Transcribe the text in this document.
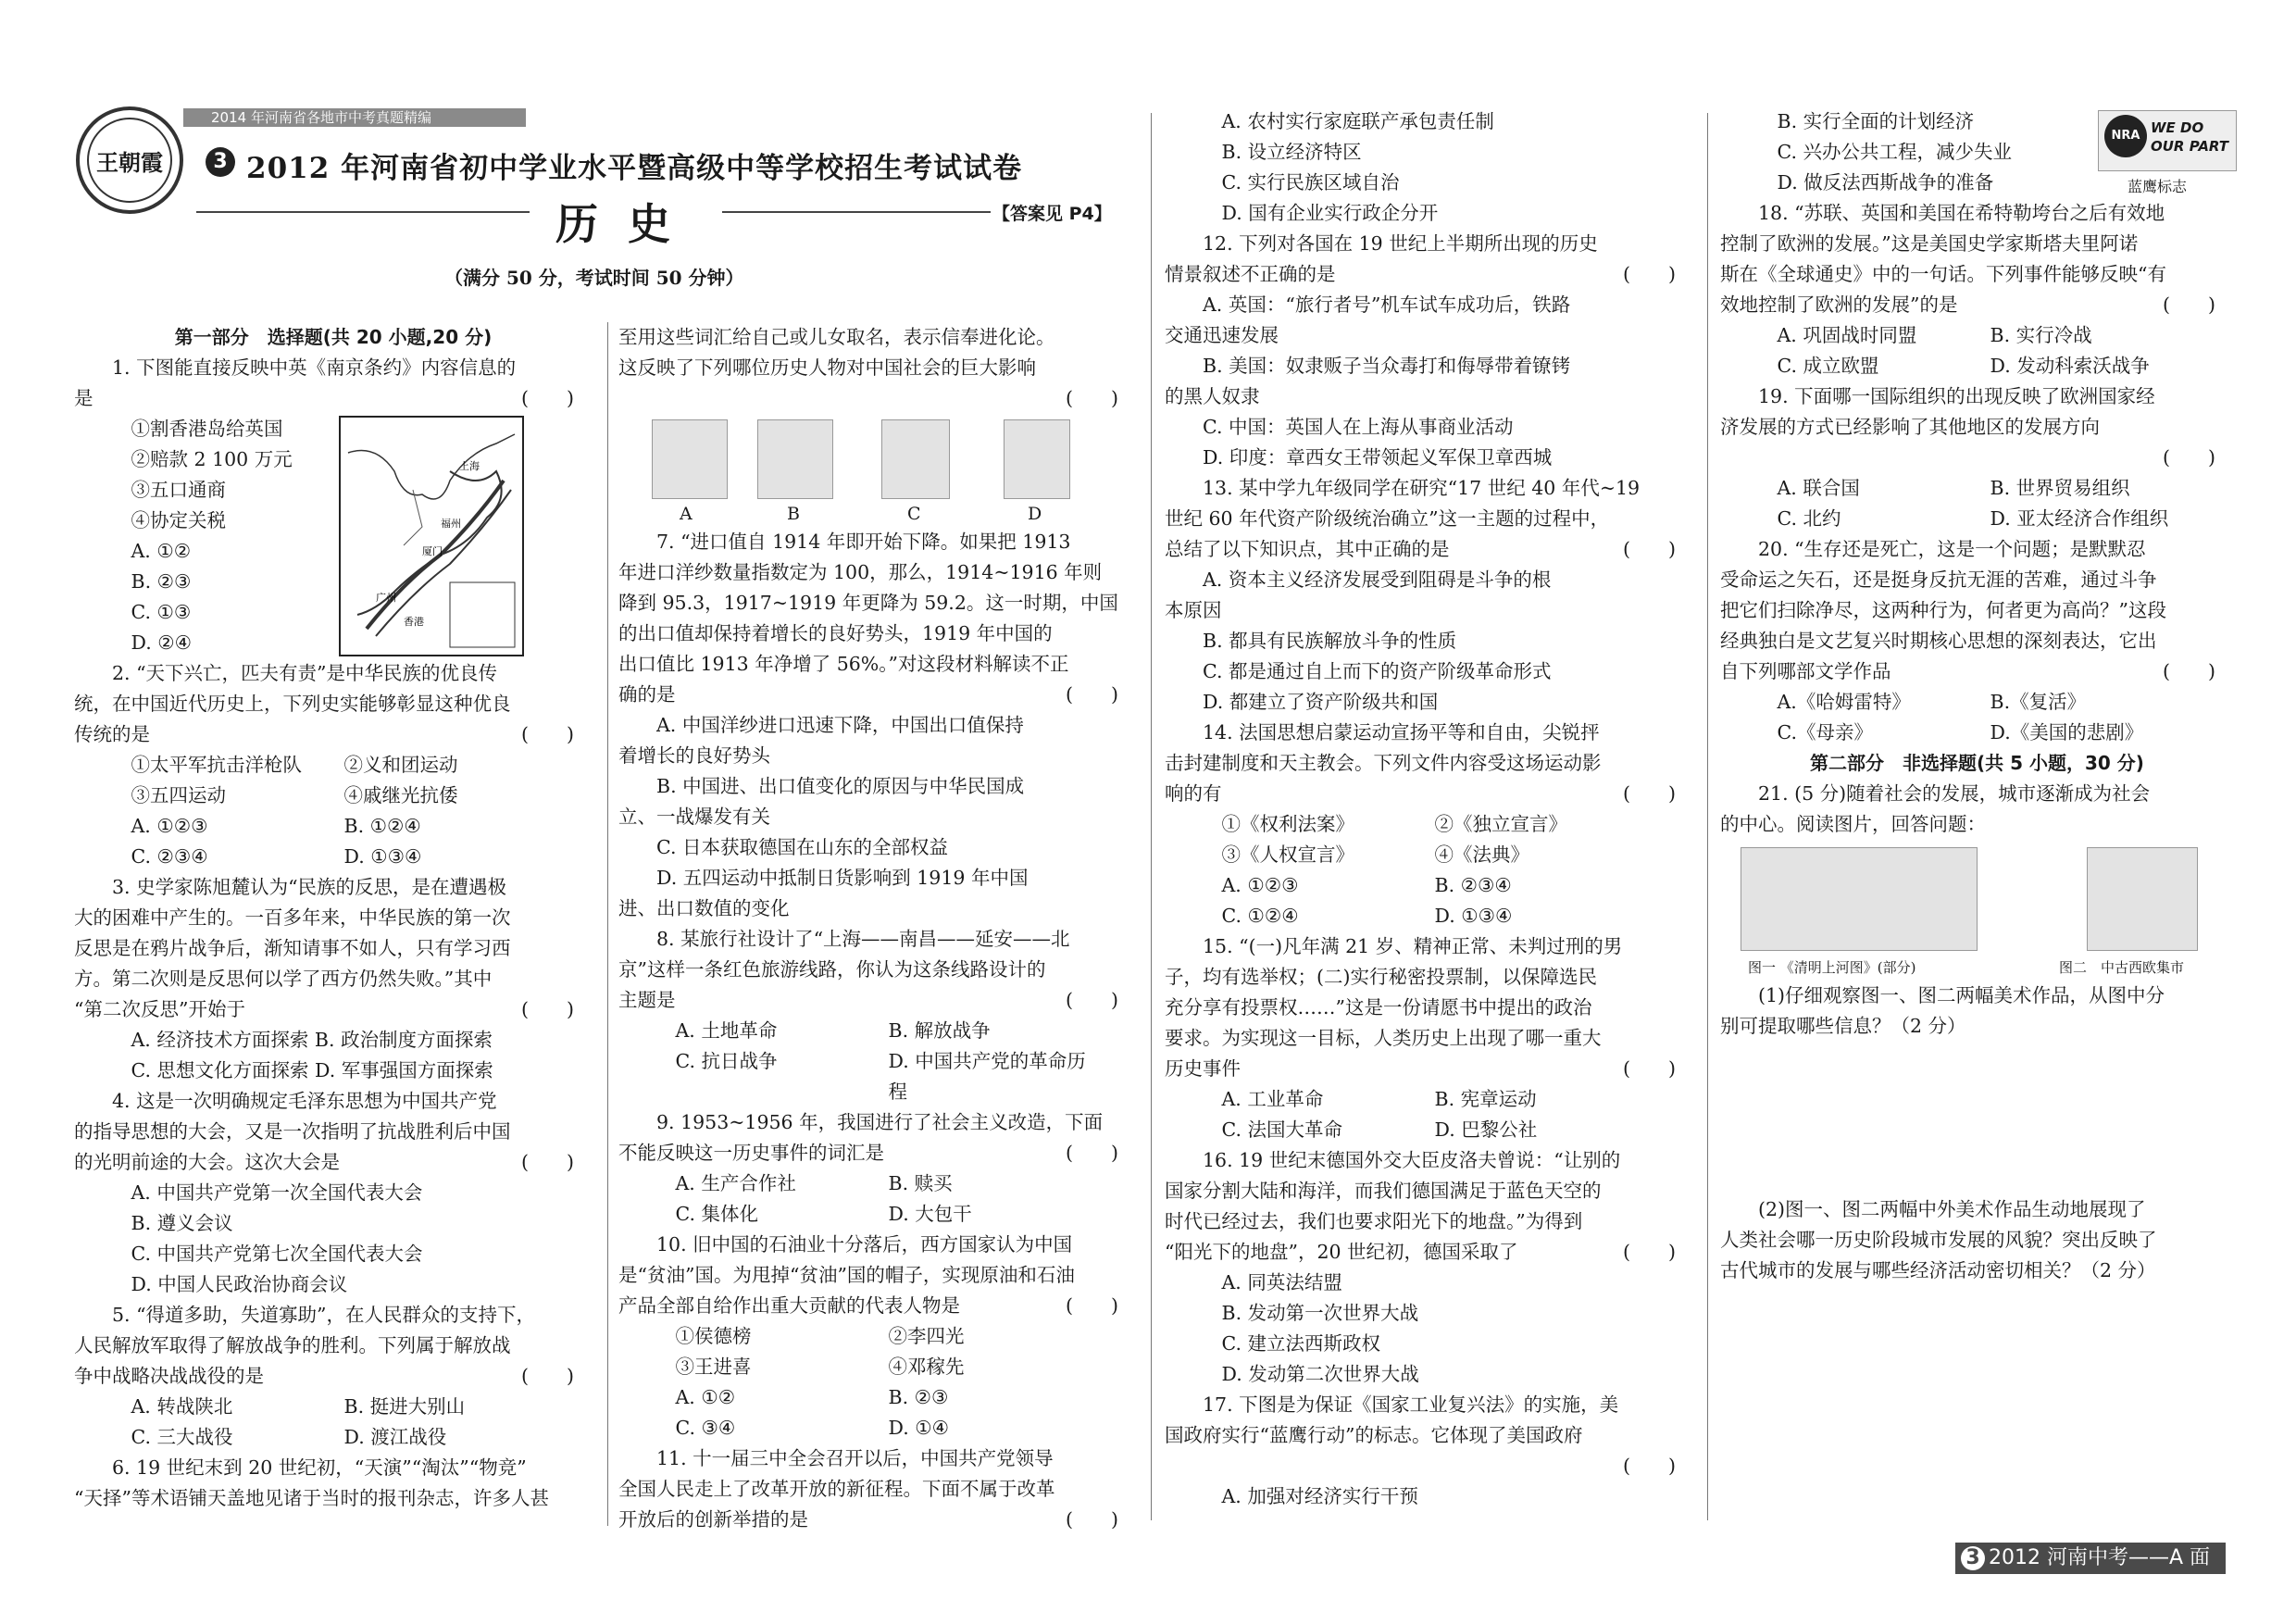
2014 年河南省各地市中考真题精编
王朝霞	3 2012 年河南省初中学业水平暨高级中等学校招生考试试卷
历  史	【答案见 P4】
（满分 50 分，考试时间 50 分钟）

第一部分　选择题(共 20 小题,20 分)

1. 下图能直接反映中英《南京条约》内容信息的

是	(　　)

①割香港岛给英国

②赔款 2 100 万元

③五口通商

④协定关税

A. ①②

B. ②③

C. ①③

D. ②④

上海
广州
福州
香港
厦门

2. “天下兴亡，匹夫有责”是中华民族的优良传

统，在中国近代历史上，下列史实能够彰显这种优良

传统的是	(　　)

①太平军抗击洋枪队	②义和团运动
③五四运动	④戚继光抗倭
A. ①②③	B. ①②④
C. ②③④	D. ①③④

3. 史学家陈旭麓认为“民族的反思，是在遭遇极

大的困难中产生的。一百多年来，中华民族的第一次

反思是在鸦片战争后，渐知请事不如人，只有学习西

方。第二次则是反思何以学了西方仍然失败。”其中

“第二次反思”开始于	(　　)

A. 经济技术方面探索 B. 政治制度方面探索

C. 思想文化方面探索 D. 军事强国方面探索

4. 这是一次明确规定毛泽东思想为中国共产党

的指导思想的大会，又是一次指明了抗战胜利后中国

的光明前途的大会。这次大会是	(　　)

A. 中国共产党第一次全国代表大会

B. 遵义会议

C. 中国共产党第七次全国代表大会

D. 中国人民政治协商会议

5. “得道多助，失道寡助”，在人民群众的支持下，

人民解放军取得了解放战争的胜利。下列属于解放战

争中战略决战战役的是	(　　)

A. 转战陕北	B. 挺进大别山
C. 三大战役	D. 渡江战役

6. 19 世纪末到 20 世纪初，“天演”“淘汰”“物竞”

“天择”等术语铺天盖地见诸于当时的报刊杂志，许多人甚

至用这些词汇给自己或儿女取名，表示信奉进化论。

这反映了下列哪位历史人物对中国社会的巨大影响

(　　)

A	B	C	D

7. “进口值自 1914 年即开始下降。如果把 1913

年进口洋纱数量指数定为 100，那么，1914~1916 年则

降到 95.3，1917~1919 年更降为 59.2。这一时期，中国

的出口值却保持着增长的良好势头，1919 年中国的

出口值比 1913 年净增了 56%。”对这段材料解读不正

确的是	(　　)

A. 中国洋纱进口迅速下降，中国出口值保持

着增长的良好势头

B. 中国进、出口值变化的原因与中华民国成

立、一战爆发有关

C. 日本获取德国在山东的全部权益

D. 五四运动中抵制日货影响到 1919 年中国

进、出口数值的变化

8. 某旅行社设计了“上海——南昌——延安——北

京”这样一条红色旅游线路，你认为这条线路设计的

主题是	(　　)

A. 土地革命	B. 解放战争
C. 抗日战争	D. 中国共产党的革命历程

9. 1953~1956 年，我国进行了社会主义改造，下面

不能反映这一历史事件的词汇是	(　　)

A. 生产合作社	B. 赎买
C. 集体化	D. 大包干

10. 旧中国的石油业十分落后，西方国家认为中国

是“贫油”国。为甩掉“贫油”国的帽子，实现原油和石油

产品全部自给作出重大贡献的代表人物是	(　　)

①侯德榜	②李四光
③王进喜	④邓稼先
A. ①②	B. ②③
C. ③④	D. ①④

11. 十一届三中全会召开以后，中国共产党领导

全国人民走上了改革开放的新征程。下面不属于改革

开放后的创新举措的是	(　　)

A. 农村实行家庭联产承包责任制

B. 设立经济特区

C. 实行民族区域自治

D. 国有企业实行政企分开

12. 下列对各国在 19 世纪上半期所出现的历史

情景叙述不正确的是	(　　)

A. 英国：“旅行者号”机车试车成功后，铁路

交通迅速发展

B. 美国：奴隶贩子当众毒打和侮辱带着镣铐

的黑人奴隶

C. 中国：英国人在上海从事商业活动

D. 印度：章西女王带领起义军保卫章西城

13. 某中学九年级同学在研究“17 世纪 40 年代~19

世纪 60 年代资产阶级统治确立”这一主题的过程中，

总结了以下知识点，其中正确的是	(　　)

A. 资本主义经济发展受到阻碍是斗争的根

本原因

B. 都具有民族解放斗争的性质

C. 都是通过自上而下的资产阶级革命形式

D. 都建立了资产阶级共和国

14. 法国思想启蒙运动宣扬平等和自由，尖锐抨

击封建制度和天主教会。下列文件内容受这场运动影

响的有	(　　)

①《权利法案》	②《独立宣言》
③《人权宣言》	④《法典》
A. ①②③	B. ②③④
C. ①②④	D. ①③④

15. “(一)凡年满 21 岁、精神正常、未判过刑的男

子，均有选举权；(二)实行秘密投票制，以保障选民

充分享有投票权……”这是一份请愿书中提出的政治

要求。为实现这一目标，人类历史上出现了哪一重大

历史事件	(　　)

A. 工业革命	B. 宪章运动
C. 法国大革命	D. 巴黎公社

16. 19 世纪末德国外交大臣皮洛夫曾说：“让别的

国家分割大陆和海洋，而我们德国满足于蓝色天空的

时代已经过去，我们也要求阳光下的地盘。”为得到

“阳光下的地盘”，20 世纪初，德国采取了	(　　)

A. 同英法结盟

B. 发动第一次世界大战

C. 建立法西斯政权

D. 发动第二次世界大战

17. 下图是为保证《国家工业复兴法》的实施，美

国政府实行“蓝鹰行动”的标志。它体现了美国政府

(　　)

A. 加强对经济实行干预

B. 实行全面的计划经济

C. 兴办公共工程，减少失业

D. 做反法西斯战争的准备

NRA WE DO
OUR PART
蓝鹰标志

18. “苏联、英国和美国在希特勒垮台之后有效地

控制了欧洲的发展。”这是美国史学家斯塔夫里阿诺

斯在《全球通史》中的一句话。下列事件能够反映“有

效地控制了欧洲的发展”的是	(　　)

A. 巩固战时同盟	B. 实行冷战
C. 成立欧盟	D. 发动科索沃战争

19. 下面哪一国际组织的出现反映了欧洲国家经

济发展的方式已经影响了其他地区的发展方向

(　　)

A. 联合国	B. 世界贸易组织
C. 北约	D. 亚太经济合作组织

20. “生存还是死亡，这是一个问题；是默默忍

受命运之矢石，还是挺身反抗无涯的苦难，通过斗争

把它们扫除净尽，这两种行为，何者更为高尚？”这段

经典独白是文艺复兴时期核心思想的深刻表达，它出

自下列哪部文学作品	(　　)

A.《哈姆雷特》	B.《复活》
C.《母亲》	D.《美国的悲剧》

第二部分　非选择题(共 5 小题，30 分)

21. (5 分)随着社会的发展，城市逐渐成为社会

的中心。阅读图片，回答问题：

图一 《清明上河图》(部分)	图二　中古西欧集市

(1)仔细观察图一、图二两幅美术作品，从图中分

别可提取哪些信息？（2 分）

(2)图一、图二两幅中外美术作品生动地展现了

人类社会哪一历史阶段城市发展的风貌？突出反映了

古代城市的发展与哪些经济活动密切相关？（2 分）

3 2012 河南中考——A 面
